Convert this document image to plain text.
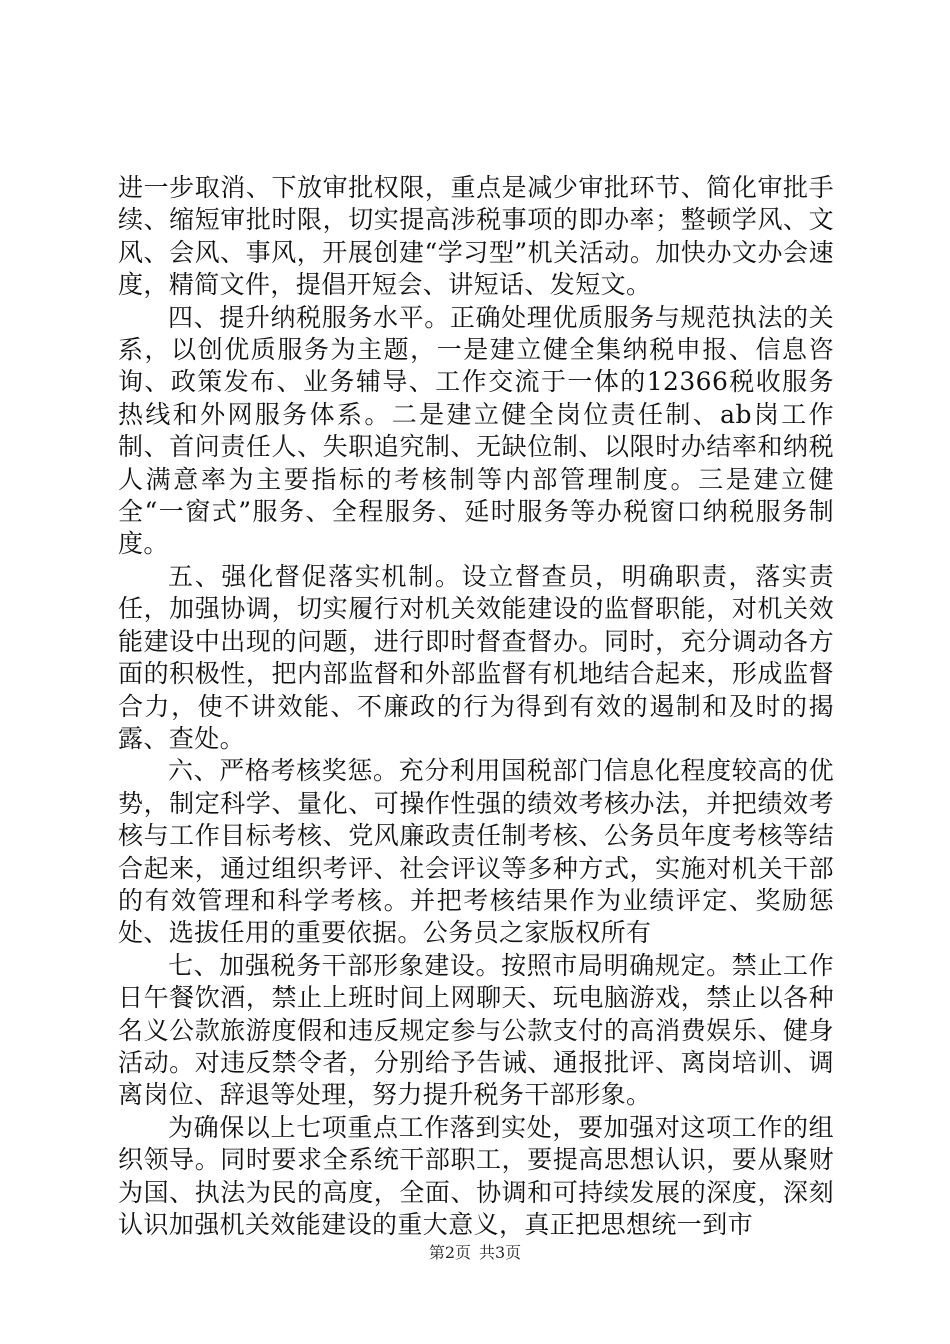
进一步取消、下放审批权限，重点是减少审批环节、简化审批手续、缩短审批时限，切实提高涉税事项的即办率；整顿学风、文风、会风、事风，开展创建“学习型”机关活动。加快办文办会速度，精简文件，提倡开短会、讲短话、发短文。

四、提升纳税服务水平。正确处理优质服务与规范执法的关系，以创优质服务为主题，一是建立健全集纳税申报、信息咨询、政策发布、业务辅导、工作交流于一体的12366税收服务热线和外网服务体系。二是建立健全岗位责任制、ab岗工作制、首问责任人、失职追究制、无缺位制、以限时办结率和纳税人满意率为主要指标的考核制等内部管理制度。三是建立健全“一窗式”服务、全程服务、延时服务等办税窗口纳税服务制度。

五、强化督促落实机制。设立督查员，明确职责，落实责任，加强协调，切实履行对机关效能建设的监督职能，对机关效能建设中出现的问题，进行即时督查督办。同时，充分调动各方面的积极性，把内部监督和外部监督有机地结合起来，形成监督合力，使不讲效能、不廉政的行为得到有效的遏制和及时的揭露、查处。

六、严格考核奖惩。充分利用国税部门信息化程度较高的优势，制定科学、量化、可操作性强的绩效考核办法，并把绩效考核与工作目标考核、党风廉政责任制考核、公务员年度考核等结合起来，通过组织考评、社会评议等多种方式，实施对机关干部的有效管理和科学考核。并把考核结果作为业绩评定、奖励惩处、选拔任用的重要依据。公务员之家版权所有

七、加强税务干部形象建设。按照市局明确规定。禁止工作日午餐饮酒，禁止上班时间上网聊天、玩电脑游戏，禁止以各种名义公款旅游度假和违反规定参与公款支付的高消费娱乐、健身活动。对违反禁令者，分别给予告诫、通报批评、离岗培训、调离岗位、辞退等处理，努力提升税务干部形象。

为确保以上七项重点工作落到实处，要加强对这项工作的组织领导。同时要求全系统干部职工，要提高思想认识，要从聚财为国、执法为民的高度，全面、协调和可持续发展的深度，深刻认识加强机关效能建设的重大意义，真正把思想统一到市

第2页 共3页
